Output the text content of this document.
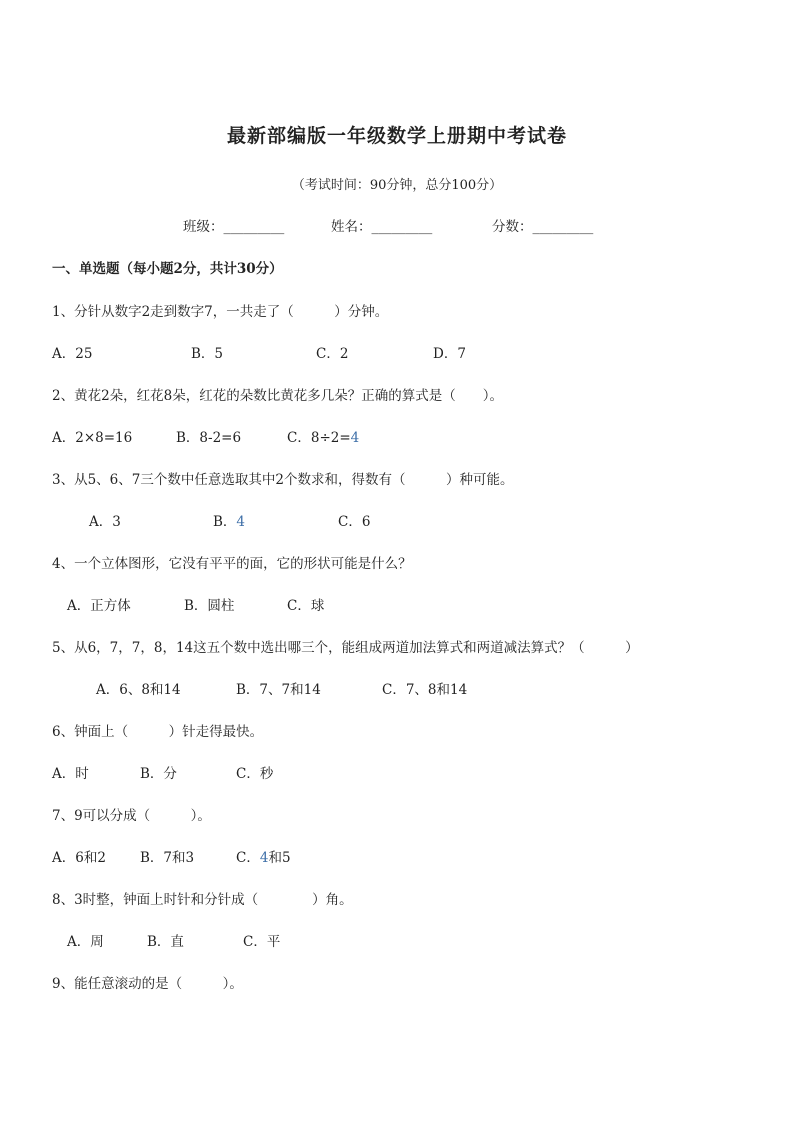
最新部编版一年级数学上册期中考试卷
（考试时间：90分钟，总分100分）
班级：_________	姓名：_________	分数：_________
一、单选题（每小题2分，共计30分）
1、分针从数字2走到数字7，一共走了（　　　）分钟。
A．25	B．5	C．2	D．7
2、黄花2朵，红花8朵，红花的朵数比黄花多几朵？正确的算式是（　　）。
A．2×8=16	B．8-2=6	C．8÷2=4
3、从5、6、7三个数中任意选取其中2个数求和，得数有（　　　）种可能。
A．3	B．4	C．6
4、一个立体图形，它没有平平的面，它的形状可能是什么？
A．正方体	B．圆柱	C．球
5、从6，7，7，8，14这五个数中选出哪三个，能组成两道加法算式和两道减法算式？（　　　）
A．6、8和14	B．7、7和14	C．7、8和14
6、钟面上（　　　）针走得最快。
A．时	B．分	C．秒
7、9可以分成（　　　）。
A．6和2	B．7和3	C．4和5
8、3时整，钟面上时针和分针成（　　　　）角。
A．周	B．直	C．平
9、能任意滚动的是（　　　）。
